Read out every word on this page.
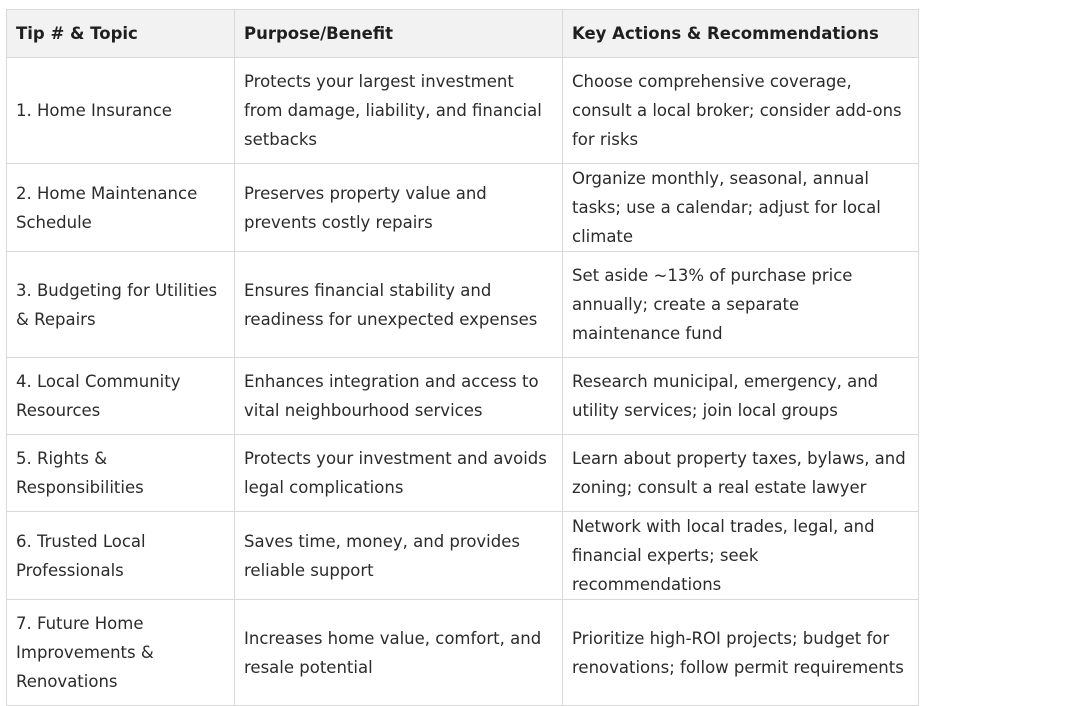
Tip # & Topic	Purpose/Benefit	Key Actions & Recommendations
1. Home Insurance	Protects your largest investment from damage, liability, and financial setbacks	Choose comprehensive coverage, consult a local broker; consider add-ons for risks
2. Home Maintenance Schedule	Preserves property value and prevents costly repairs	Organize monthly, seasonal, annual tasks; use a calendar; adjust for local climate
3. Budgeting for Utilities & Repairs	Ensures financial stability and readiness for unexpected expenses	Set aside ~13% of purchase price annually; create a separate maintenance fund
4. Local Community Resources	Enhances integration and access to vital neighbourhood services	Research municipal, emergency, and utility services; join local groups
5. Rights & Responsibilities	Protects your investment and avoids legal complications	Learn about property taxes, bylaws, and zoning; consult a real estate lawyer
6. Trusted Local Professionals	Saves time, money, and provides reliable support	Network with local trades, legal, and financial experts; seek recommendations
7. Future Home Improvements & Renovations	Increases home value, comfort, and resale potential	Prioritize high-ROI projects; budget for renovations; follow permit requirements
